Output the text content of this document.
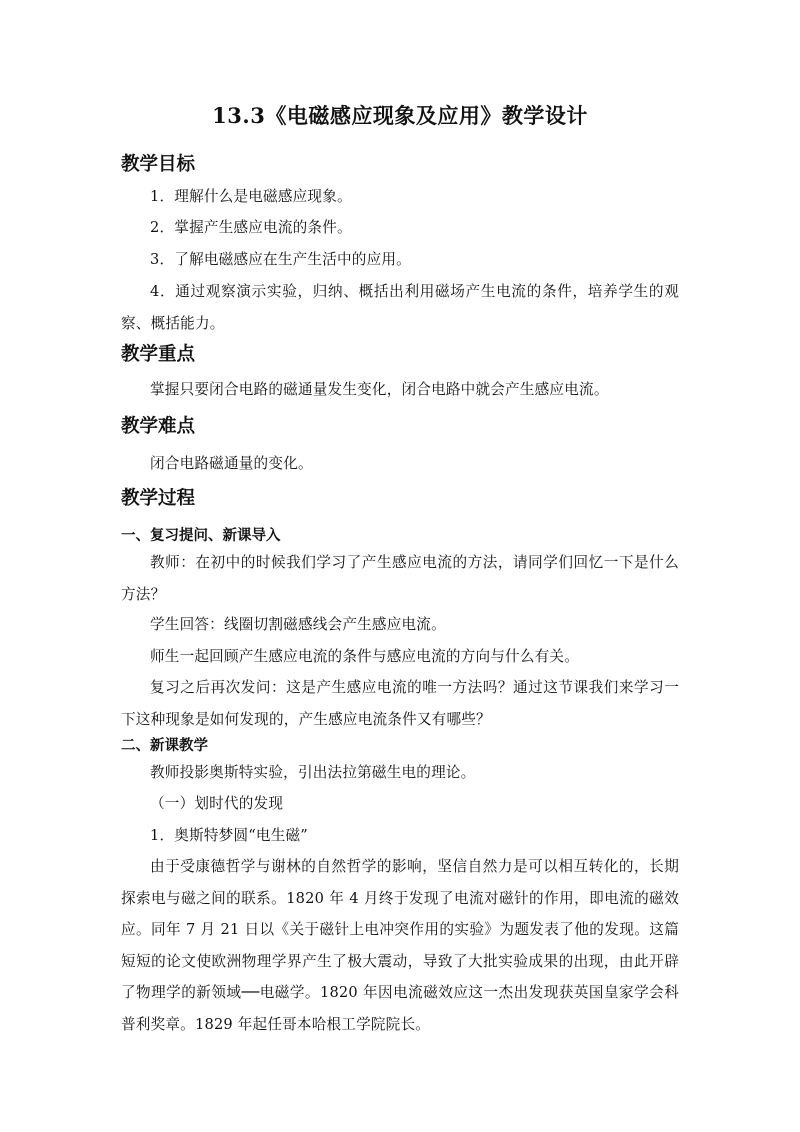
13.3《电磁感应现象及应用》教学设计
教学目标
1．理解什么是电磁感应现象。
2．掌握产生感应电流的条件。
3．了解电磁感应在生产生活中的应用。
4．通过观察演示实验，归纳、概括出利用磁场产生电流的条件，培养学生的观察、概括能力。
教学重点
掌握只要闭合电路的磁通量发生变化，闭合电路中就会产生感应电流。
教学难点
闭合电路磁通量的变化。
教学过程
一、复习提问、新课导入
教师：在初中的时候我们学习了产生感应电流的方法，请同学们回忆一下是什么方法？
学生回答：线圈切割磁感线会产生感应电流。
师生一起回顾产生感应电流的条件与感应电流的方向与什么有关。
复习之后再次发问：这是产生感应电流的唯一方法吗？通过这节课我们来学习一下这种现象是如何发现的，产生感应电流条件又有哪些？
二、新课教学
教师投影奥斯特实验，引出法拉第磁生电的理论。
（一）划时代的发现
1．奥斯特梦圆“电生磁”
由于受康德哲学与谢林的自然哲学的影响，坚信自然力是可以相互转化的，长期探索电与磁之间的联系。1820 年 4 月终于发现了电流对磁针的作用，即电流的磁效应。同年 7 月 21 日以《关于磁针上电冲突作用的实验》为题发表了他的发现。这篇短短的论文使欧洲物理学界产生了极大震动，导致了大批实验成果的出现，由此开辟了物理学的新领域──电磁学。1820 年因电流磁效应这一杰出发现获英国皇家学会科普利奖章。1829 年起任哥本哈根工学院院长。
